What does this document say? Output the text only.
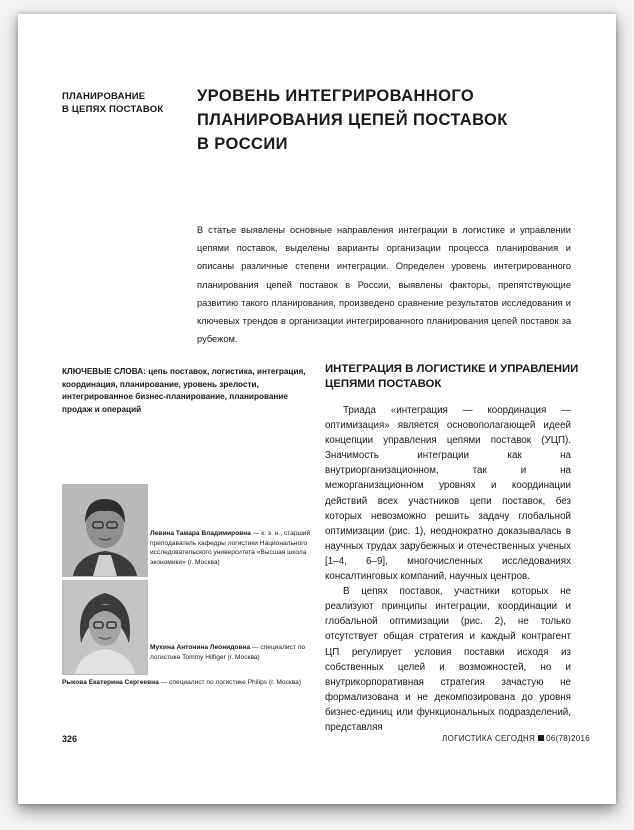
ПЛАНИРОВАНИЕ
В ЦЕПЯХ ПОСТАВОК
УРОВЕНЬ ИНТЕГРИРОВАННОГО
ПЛАНИРОВАНИЯ ЦЕПЕЙ ПОСТАВОК
В РОССИИ
В статье выявлены основные направления интеграции в логистике и управлении цепями поставок, выделены варианты организации процесса планирования и описаны различные степени интеграции. Определен уровень интегрированного планирования цепей поставок в России, выявлены факторы, препятствующие развитию такого планирования, произведено сравнение результатов исследования и ключевых трендов в организации интегрированного планирования цепей поставок за рубежом.
КЛЮЧЕВЫЕ СЛОВА: цепь поставок, логистика, интеграция, координация, планирование, уровень зрелости, интегрированное бизнес-планирование, планирование продаж и операций
Левина Тамара Владимировна — к. э. н., старший преподаватель кафедры логистики Национального исследовательского университета «Высшая школа экономики» (г. Москва)
Мухина Антонина Леонидовна — специалист по логистике Tommy Hilfiger (г. Москва)
Рыкова Екатерина Сергеевна — специалист по логистике Philips (г. Москва)
ИНТЕГРАЦИЯ В ЛОГИСТИКЕ И УПРАВЛЕНИИ ЦЕПЯМИ ПОСТАВОК

Триада «интеграция — координация — оптимизация» является основополагающей идеей концепции управления цепями поставок (УЦП). Значимость интеграции как на внутриорганизационном, так и на межорганизационном уровнях и координации действий всех участников цепи поставок, без которых невозможно решить задачу глобальной оптимизации (рис. 1), неоднократно доказывалась в научных трудах зарубежных и отечественных ученых [1–4, 6–9], многочисленных исследованиях консалтинговых компаний, научных центров.

В цепях поставок, участники которых не реализуют принципы интеграции, координации и глобальной оптимизации (рис. 2), не только отсутствует общая стратегия и каждый контрагент ЦП регулирует условия поставки исходя из собственных целей и возможностей, но и внутрикорпоративная стратегия зачастую не формализована и не декомпозирована до уровня бизнес-единиц или функциональных подразделений, представляя

326	ЛОГИСТИКА СЕГОДНЯ 06(78)2016
